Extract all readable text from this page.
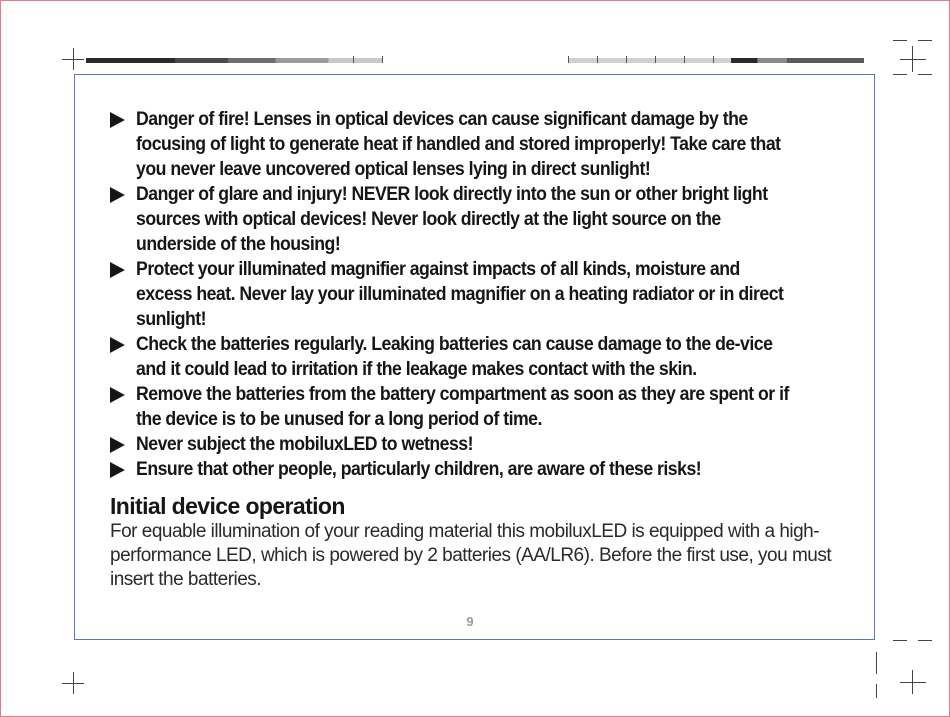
Danger of fire! Lenses in optical devices can cause significant damage by the focusing of light to generate heat if handled and stored improperly! Take care that you never leave uncovered optical lenses lying in direct sunlight!
Danger of glare and injury! NEVER look directly into the sun or other bright light sources with optical devices! Never look directly at the light source on the underside of the housing!
Protect your illuminated magnifier against impacts of all kinds, moisture and excess heat. Never lay your illuminated magnifier on a heating radiator or in direct sunlight!
Check the batteries regularly. Leaking batteries can cause damage to the de-vice and it could lead to irritation if the leakage makes contact with the skin.
Remove the batteries from the battery compartment as soon as they are spent or if the device is to be unused for a long period of time.
Never subject the mobiluxLED to wetness!
Ensure that other people, particularly children, are aware of these risks!
Initial device operation

For equable illumination of your reading material this mobiluxLED is equipped with a high-performance LED, which is powered by 2 batteries (AA/LR6). Before the first use, you must insert the batteries.

9
